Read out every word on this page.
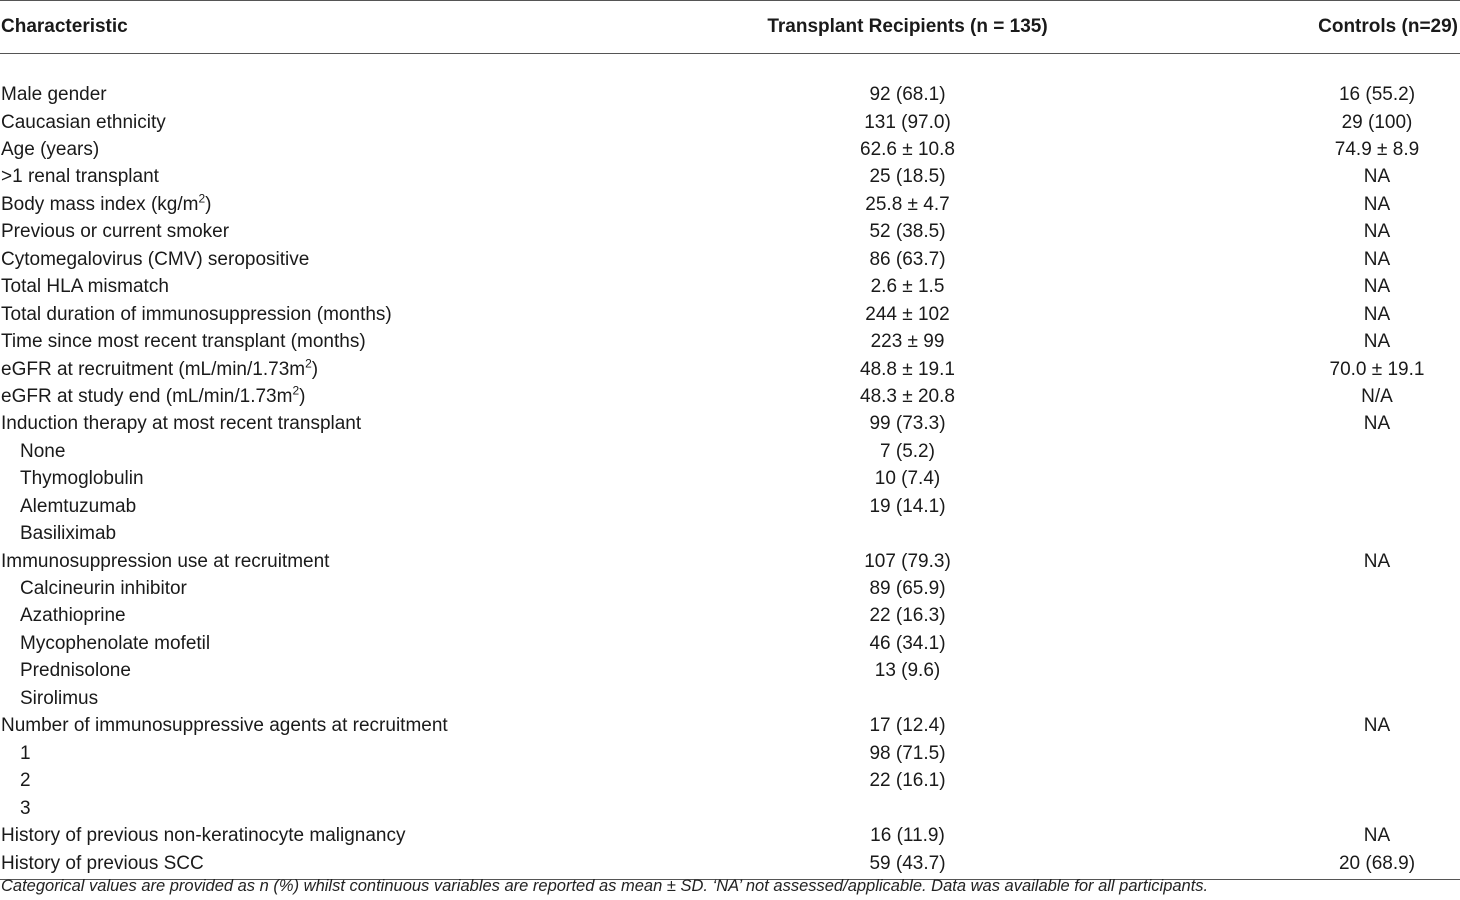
Characteristic	Transplant Recipients (n = 135)	Controls (n=29)

Male gender	92 (68.1)	16 (55.2)
Caucasian ethnicity	131 (97.0)	29 (100)
Age (years)	62.6 ± 10.8	74.9 ± 8.9
>1 renal transplant	25 (18.5)	NA
Body mass index $(kg/m^2)$	25.8 ± 4.7	NA
Previous or current smoker	52 (38.5)	NA
Cytomegalovirus (CMV) seropositive	86 (63.7)	NA
Total HLA mismatch	2.6 ± 1.5	NA
Total duration of immunosuppression (months)	244 ± 102	NA
Time since most recent transplant (months)	223 ± 99	NA
eGFR at recruitment $(mL/\min/1.73m^2)$	48.8 ± 19.1	70.0 ± 19.1
eGFR at study end $(mL/\min/1.73m^2)$	48.3 ± 20.8	N/A
Induction therapy at most recent transplant	99 (73.3)	NA
None	7 (5.2)	
Thymoglobulin	10 (7.4)	
Alemtuzumab	19 (14.1)	
Basiliximab		
Immunosuppression use at recruitment	107 (79.3)	NA
Calcineurin inhibitor	89 (65.9)	
Azathioprine	22 (16.3)	
Mycophenolate mofetil	46 (34.1)	
Prednisolone	13 (9.6)	
Sirolimus		
Number of immunosuppressive agents at recruitment	17 (12.4)	NA
1	98 (71.5)	
2	22 (16.1)	
3		
History of previous non-keratinocyte malignancy	16 (11.9)	NA
History of previous SCC	59 (43.7)	20 (68.9)
Categorical values are provided as n (%) whilst continuous variables are reported as mean ± SD. ‘NA’ not assessed/applicable. Data was available for all participants.
